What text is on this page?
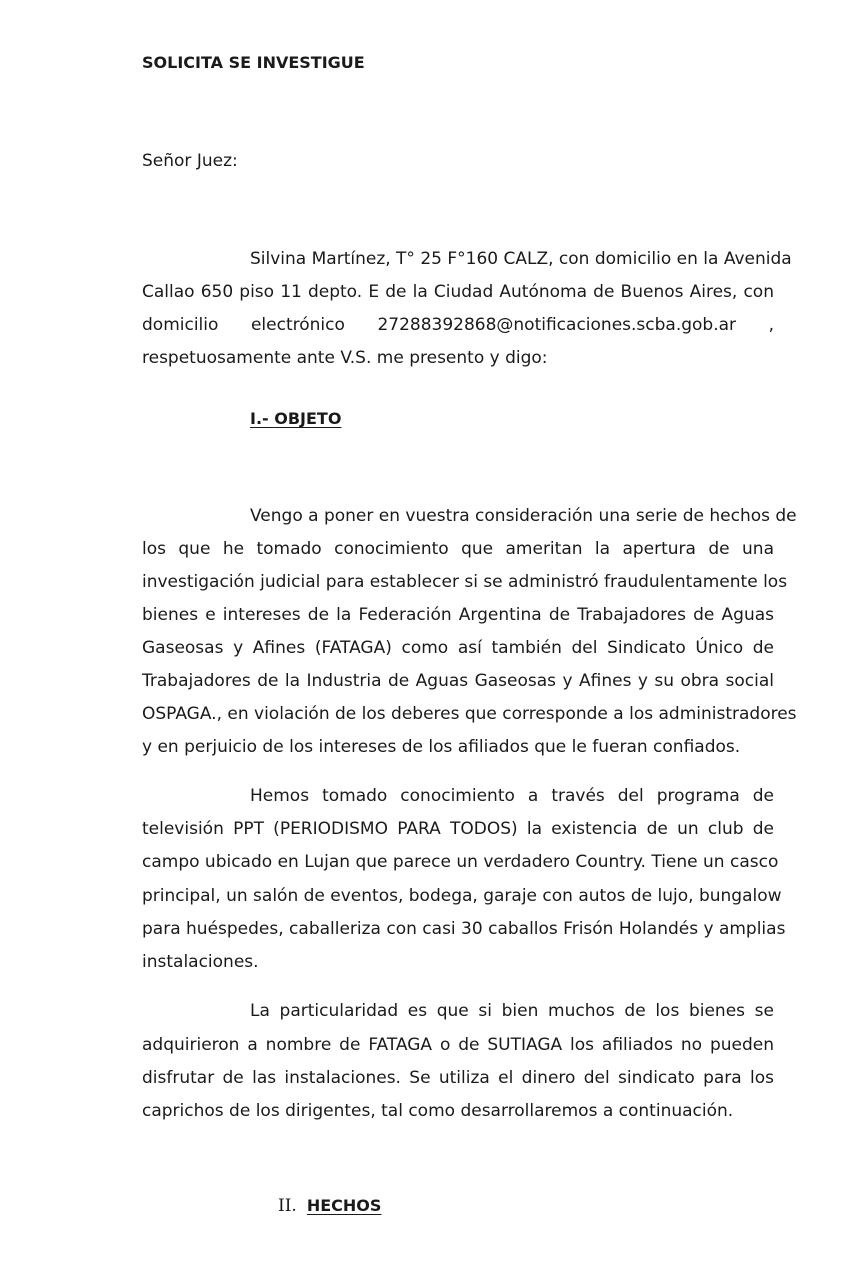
SOLICITA SE INVESTIGUE
Señor Juez:
Silvina Martínez, T° 25 F°160 CALZ, con domicilio en la Avenida
Callao 650 piso 11 depto. E de la Ciudad Autónoma de Buenos Aires, con
domicilio electrónico 27288392868@notificaciones.scba.gob.ar ,
respetuosamente ante V.S. me presento y digo:
I.- OBJETO
Vengo a poner en vuestra consideración una serie de hechos de
los que he tomado conocimiento que ameritan la apertura de una
investigación judicial para establecer si se administró fraudulentamente los
bienes e intereses de la Federación Argentina de Trabajadores de Aguas
Gaseosas y Afines (FATAGA) como así también del Sindicato Único de
Trabajadores de la Industria de Aguas Gaseosas y Afines y su obra social
OSPAGA., en violación de los deberes que corresponde a los administradores
y en perjuicio de los intereses de los afiliados que le fueran confiados.
Hemos tomado conocimiento a través del programa de
televisión PPT (PERIODISMO PARA TODOS) la existencia de un club de
campo ubicado en Lujan que parece un verdadero Country. Tiene un casco
principal, un salón de eventos, bodega, garaje con autos de lujo, bungalow
para huéspedes, caballeriza con casi 30 caballos Frisón Holandés y amplias
instalaciones.
La particularidad es que si bien muchos de los bienes se
adquirieron a nombre de FATAGA o de SUTIAGA los afiliados no pueden
disfrutar de las instalaciones. Se utiliza el dinero del sindicato para los
caprichos de los dirigentes, tal como desarrollaremos a continuación.
II. HECHOS
